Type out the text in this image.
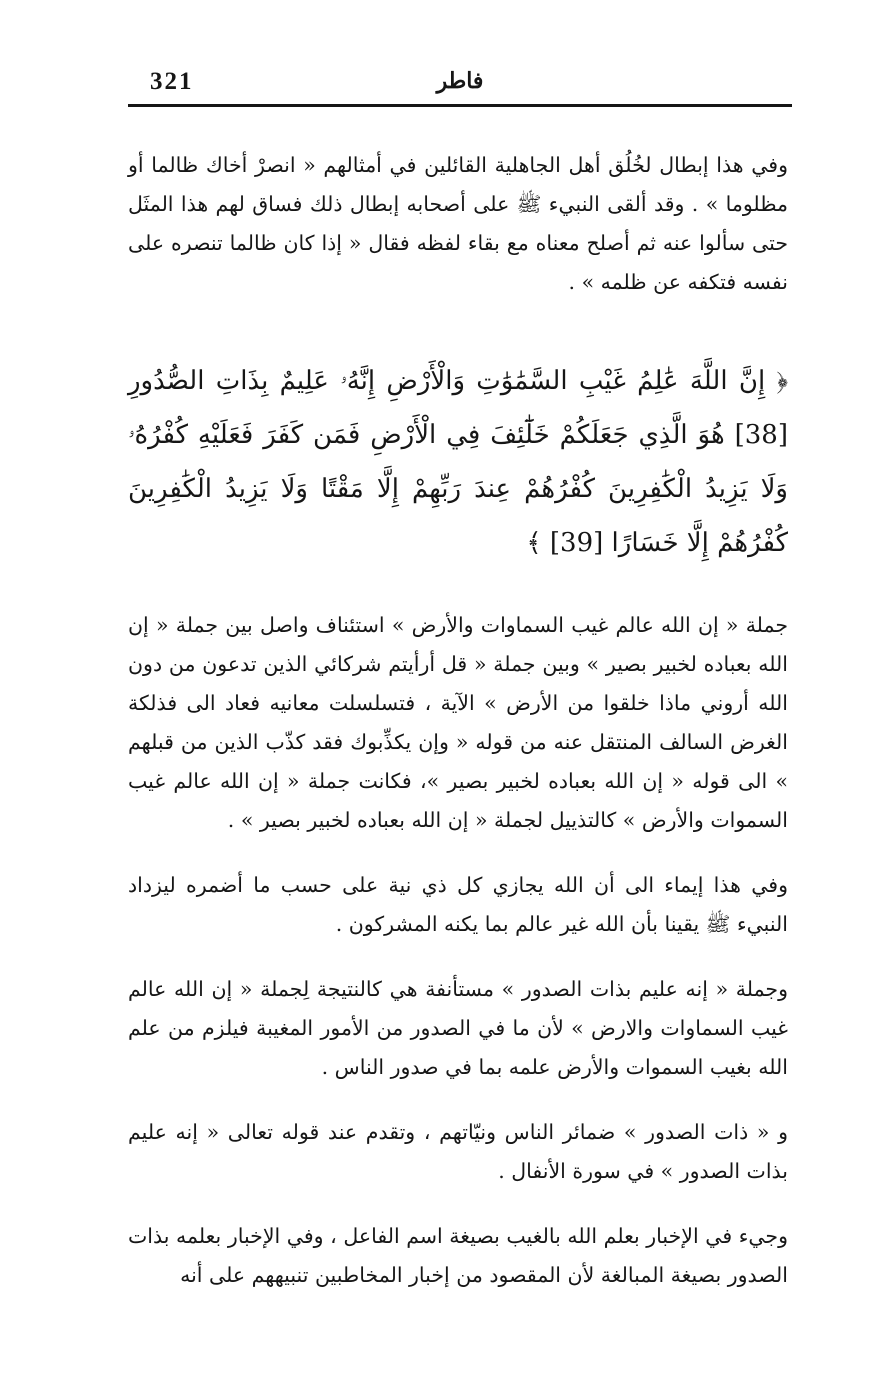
321	فاطر

وفي هذا إبطال لخُلُق أهل الجاهلية القائلين في أمثالهم « انصرْ أخاك ظالما أو مظلوما » . وقد ألقى النبيء ﷺ على أصحابه إبطال ذلك فساق لهم هذا المثَل حتى سألوا عنه ثم أصلح معناه مع بقاء لفظه فقال « إذا كان ظالما تنصره على نفسه فتكفه عن ظلمه » .

﴿ إِنَّ اللَّهَ عَٰلِمُ غَيْبِ السَّمَٰوَٰتِ وَالْأَرْضِ إِنَّهُۥ عَلِيمٌ بِذَاتِ الصُّدُورِ [38] هُوَ الَّذِي جَعَلَكُمْ خَلَٰٓئِفَ فِي الْأَرْضِ فَمَن كَفَرَ فَعَلَيْهِ كُفْرُهُۥ وَلَا يَزِيدُ الْكَٰفِرِينَ كُفْرُهُمْ عِندَ رَبِّهِمْ إِلَّا مَقْتًا وَلَا يَزِيدُ الْكَٰفِرِينَ كُفْرُهُمْ إِلَّا خَسَارًا [39] ﴾

جملة « إن الله عالم غيب السماوات والأرض » استئناف واصل بين جملة « إن الله بعباده لخبير بصير » وبين جملة « قل أرأيتم شركائي الذين تدعون من دون الله أروني ماذا خلقوا من الأرض » الآية ، فتسلسلت معانيه فعاد الى فذلكة الغرض السالف المنتقل عنه من قوله « وإن يكذِّبوك فقد كذّب الذين من قبلهم » الى قوله « إن الله بعباده لخبير بصير »، فكانت جملة « إن الله عالم غيب السموات والأرض » كالتذييل لجملة « إن الله بعباده لخبير بصير » .

وفي هذا إيماء الى أن الله يجازي كل ذي نية على حسب ما أضمره ليزداد النبيء ﷺ يقينا بأن الله غير عالم بما يكنه المشركون .

وجملة « إنه عليم بذات الصدور » مستأنفة هي كالنتيجة لِجملة « إن الله عالم غيب السماوات والارض » لأن ما في الصدور من الأمور المغيبة فيلزم من علم الله بغيب السموات والأرض علمه بما في صدور الناس .

و « ذات الصدور » ضمائر الناس ونيّاتهم ، وتقدم عند قوله تعالى « إنه عليم بذات الصدور » في سورة الأنفال .

وجيء في الإخبار بعلم الله بالغيب بصيغة اسم الفاعل ، وفي الإخبار بعلمه بذات الصدور بصيغة المبالغة لأن المقصود من إخبار المخاطبين تنبيههم على أنه
